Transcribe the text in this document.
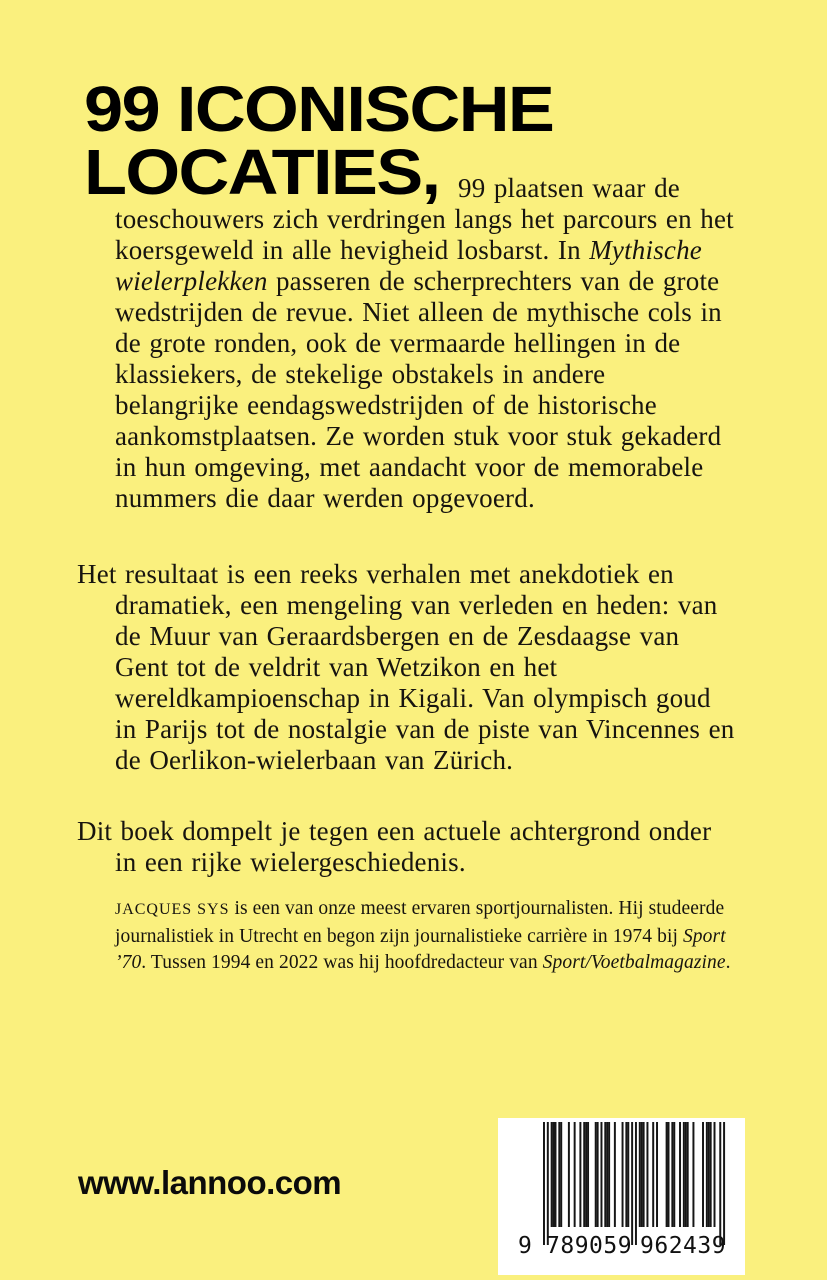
99 ICONISCHE
LOCATIES, 99 plaatsen waar de toeschouwers zich verdringen langs het parcours en het koersgeweld in alle hevigheid losbarst. In Mythische wielerplekken passeren de scherprechters van de grote wedstrijden de revue. Niet alleen de mythische cols in de grote ronden, ook de vermaarde hellingen in de klassiekers, de stekelige obstakels in andere belangrijke eendagswedstrijden of de historische aankomstplaatsen. Ze worden stuk voor stuk gekaderd in hun omgeving, met aandacht voor de memorabele nummers die daar werden opgevoerd.

Het resultaat is een reeks verhalen met anekdotiek en dramatiek, een mengeling van verleden en heden: van de Muur van Geraardsbergen en de Zesdaagse van Gent tot de veldrit van Wetzikon en het wereldkampioenschap in Kigali. Van olympisch goud in Parijs tot de nostalgie van de piste van Vincennes en de Oerlikon-wielerbaan van Zürich.

Dit boek dompelt je tegen een actuele achtergrond onder in een rijke wielergeschiedenis.

JACQUES SYS is een van onze meest ervaren sportjournalisten. Hij studeerde journalistiek in Utrecht en begon zijn journalistieke carrière in 1974 bij Sport ’70. Tussen 1994 en 2022 was hij hoofdredacteur van Sport/Voetbalmagazine.

www.lannoo.com
9 789059 962439
